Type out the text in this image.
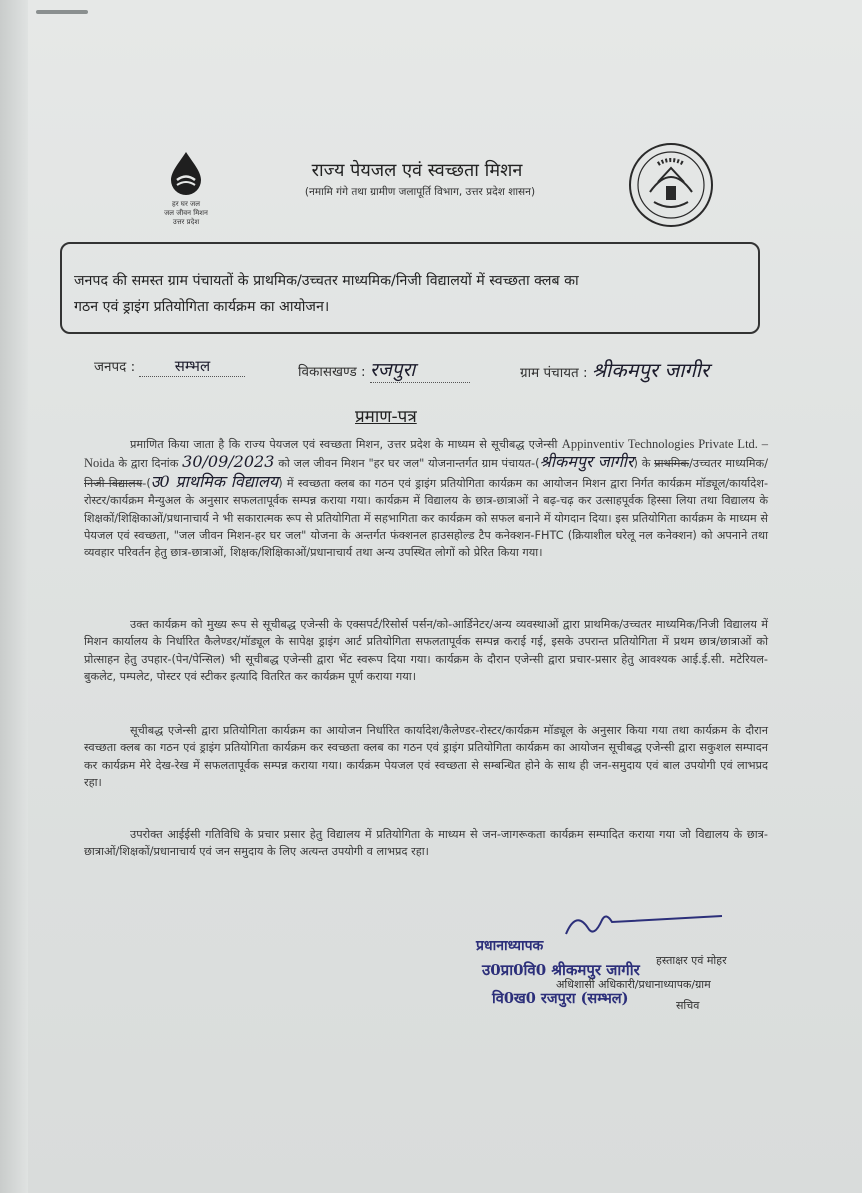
हर घर जल
जल जीवन मिशन
उत्तर प्रदेश
राज्य पेयजल एवं स्वच्छता मिशन
(नमामि गंगे तथा ग्रामीण जलापूर्ति विभाग, उत्तर प्रदेश शासन)
जनपद की समस्त ग्राम पंचायतों के प्राथमिक/उच्चतर माध्यमिक/निजी विद्यालयों में स्वच्छता क्लब का
गठन एवं ड्राइंग प्रतियोगिता कार्यक्रम का आयोजन।
जनपद :	सम्भल	विकासखण्ड : रजपुरा	ग्राम पंचायत : श्रीकमपुर जागीर
प्रमाण-पत्र
प्रमाणित किया जाता है कि राज्य पेयजल एवं स्वच्छता मिशन, उत्तर प्रदेश के माध्यम से सूचीबद्ध एजेन्सी Appinventiv Technologies Private Ltd. – Noida के द्वारा दिनांक 30/09/2023 को जल जीवन मिशन "हर घर जल" योजनान्तर्गत ग्राम पंचायत-(श्रीकमपुर जागीर) के प्राथमिक/उच्चतर माध्यमिक/निजी विद्यालय-(उ0 प्राथमिक विद्यालय) में स्वच्छता क्लब का गठन एवं ड्राइंग प्रतियोगिता कार्यक्रम का आयोजन मिशन द्वारा निर्गत कार्यक्रम मॉड्यूल/कार्यादेश-रोस्टर/कार्यक्रम मैन्युअल के अनुसार सफलतापूर्वक सम्पन्न कराया गया। कार्यक्रम में विद्यालय के छात्र-छात्राओं ने बढ़-चढ़ कर उत्साहपूर्वक हिस्सा लिया तथा विद्यालय के शिक्षकों/शिक्षिकाओं/प्रधानाचार्य ने भी सकारात्मक रूप से प्रतियोगिता में सहभागिता कर कार्यक्रम को सफल बनाने में योगदान दिया। इस प्रतियोगिता कार्यक्रम के माध्यम से पेयजल एवं स्वच्छता, "जल जीवन मिशन-हर घर जल" योजना के अन्तर्गत फंक्शनल हाउसहोल्ड टैप कनेक्शन-FHTC (क्रियाशील घरेलू नल कनेक्शन) को अपनाने तथा व्यवहार परिवर्तन हेतु छात्र-छात्राओं, शिक्षक/शिक्षिकाओं/प्रधानाचार्य तथा अन्य उपस्थित लोगों को प्रेरित किया गया।
उक्त कार्यक्रम को मुख्य रूप से सूचीबद्ध एजेन्सी के एक्सपर्ट/रिसोर्स पर्सन/को-आर्डिनेटर/अन्य व्यवस्थाओं द्वारा प्राथमिक/उच्चतर माध्यमिक/निजी विद्यालय में मिशन कार्यालय के निर्धारित कैलेण्डर/मॉड्यूल के सापेक्ष ड्राइंग आर्ट प्रतियोगिता सफलतापूर्वक सम्पन्न कराई गई, इसके उपरान्त प्रतियोगिता में प्रथम छात्र/छात्राओं को प्रोत्साहन हेतु उपहार-(पेन/पेन्सिल) भी सूचीबद्ध एजेन्सी द्वारा भेंट स्वरूप दिया गया। कार्यक्रम के दौरान एजेन्सी द्वारा प्रचार-प्रसार हेतु आवश्यक आई.ई.सी. मटेरियल-बुकलेट, पम्पलेट, पोस्टर एवं स्टीकर इत्यादि वितरित कर कार्यक्रम पूर्ण कराया गया।
सूचीबद्ध एजेन्सी द्वारा प्रतियोगिता कार्यक्रम का आयोजन निर्धारित कार्यादेश/कैलेण्डर-रोस्टर/कार्यक्रम मॉड्यूल के अनुसार किया गया तथा कार्यक्रम के दौरान स्वच्छता क्लब का गठन एवं ड्राइंग प्रतियोगिता कार्यक्रम कर स्वच्छता क्लब का गठन एवं ड्राइंग प्रतियोगिता कार्यक्रम का आयोजन सूचीबद्ध एजेन्सी द्वारा सकुशल सम्पादन कर कार्यक्रम मेरे देख-रेख में सफलतापूर्वक सम्पन्न कराया गया। कार्यक्रम पेयजल एवं स्वच्छता से सम्बन्धित होने के साथ ही जन-समुदाय एवं बाल उपयोगी एवं लाभप्रद रहा।
उपरोक्त आईईसी गतिविधि के प्रचार प्रसार हेतु विद्यालय में प्रतियोगिता के माध्यम से जन-जागरूकता कार्यक्रम सम्पादित कराया गया जो विद्यालय के छात्र-छात्राओं/शिक्षकों/प्रधानाचार्य एवं जन समुदाय के लिए अत्यन्त उपयोगी व लाभप्रद रहा।
प्रधानाध्यापक
हस्ताक्षर एवं मोहर
उ0प्रा0वि0 श्रीकमपुर जागीर
अधिशासी अधिकारी/प्रधानाध्यापक/ग्राम
वि0ख0 रजपुरा (सम्भल)	सचिव
